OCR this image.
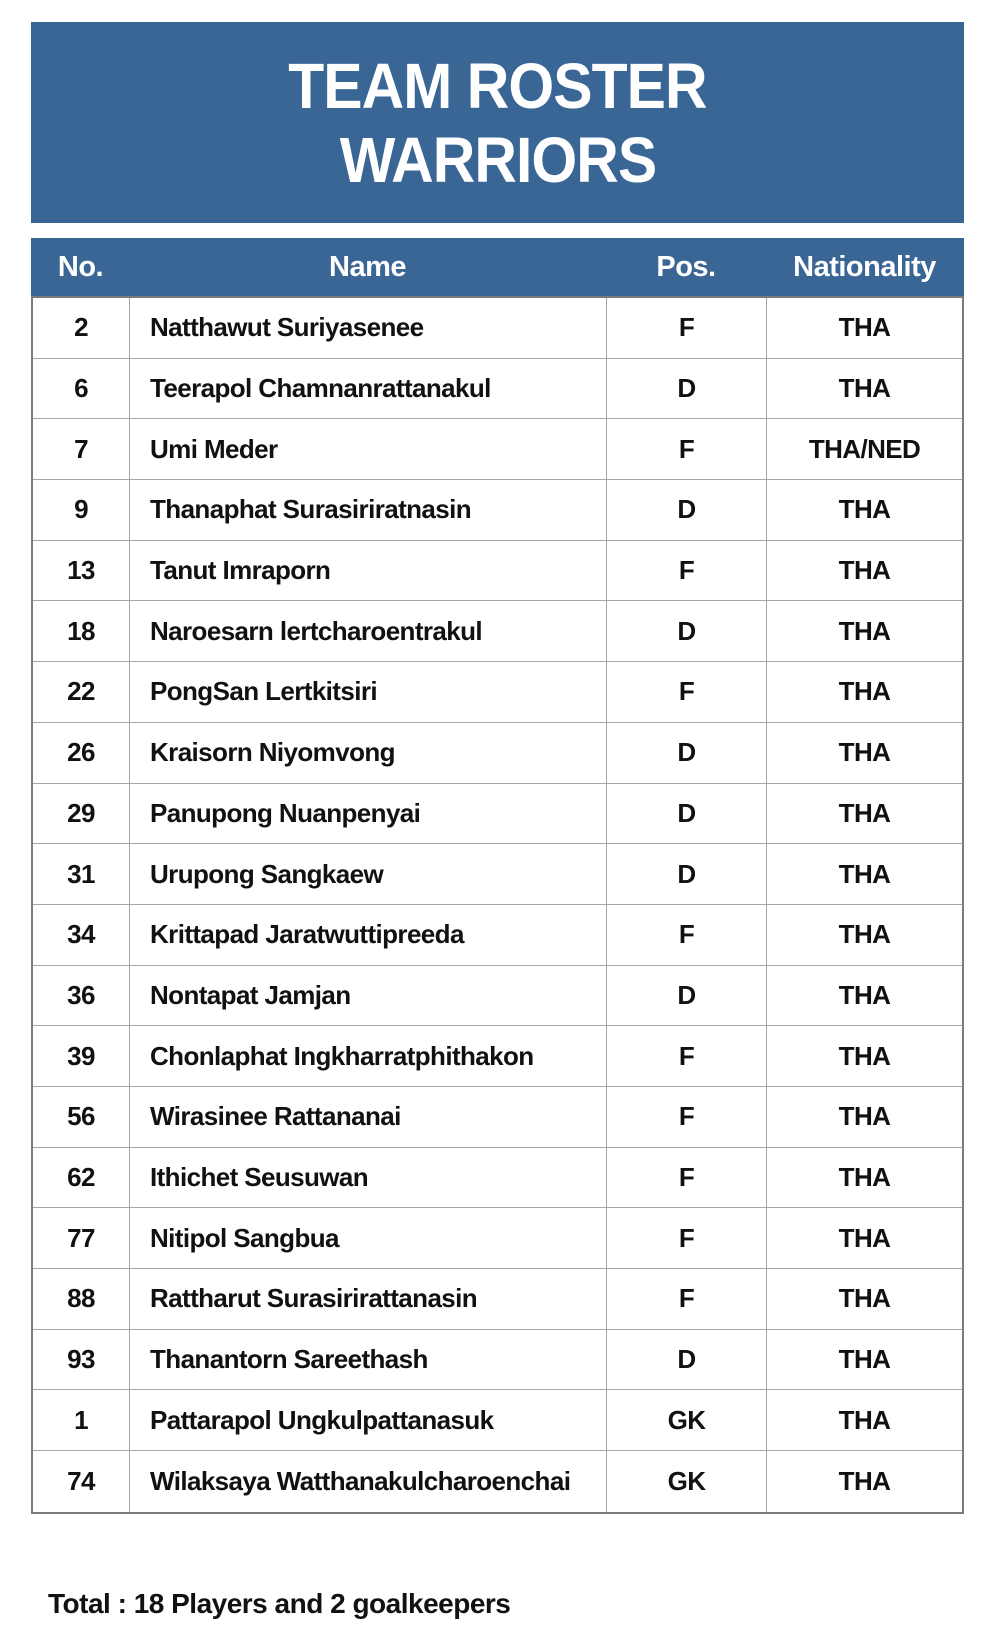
TEAM ROSTER
WARRIORS
No.	Name	Pos.	Nationality
2	Natthawut Suriyasenee	F	THA
6	Teerapol Chamnanrattanakul	D	THA
7	Umi Meder	F	THA/NED
9	Thanaphat Surasiriratnasin	D	THA
13	Tanut Imraporn	F	THA
18	Naroesarn lertcharoentrakul	D	THA
22	PongSan Lertkitsiri	F	THA
26	Kraisorn Niyomvong	D	THA
29	Panupong Nuanpenyai	D	THA
31	Urupong Sangkaew	D	THA
34	Krittapad Jaratwuttipreeda	F	THA
36	Nontapat Jamjan	D	THA
39	Chonlaphat Ingkharratphithakon	F	THA
56	Wirasinee Rattananai	F	THA
62	Ithichet Seusuwan	F	THA
77	Nitipol Sangbua	F	THA
88	Rattharut Surasirirattanasin	F	THA
93	Thanantorn Sareethash	D	THA
1	Pattarapol Ungkulpattanasuk	GK	THA
74	Wilaksaya Watthanakulcharoenchai	GK	THA
Total : 18 Players and 2 goalkeepers
